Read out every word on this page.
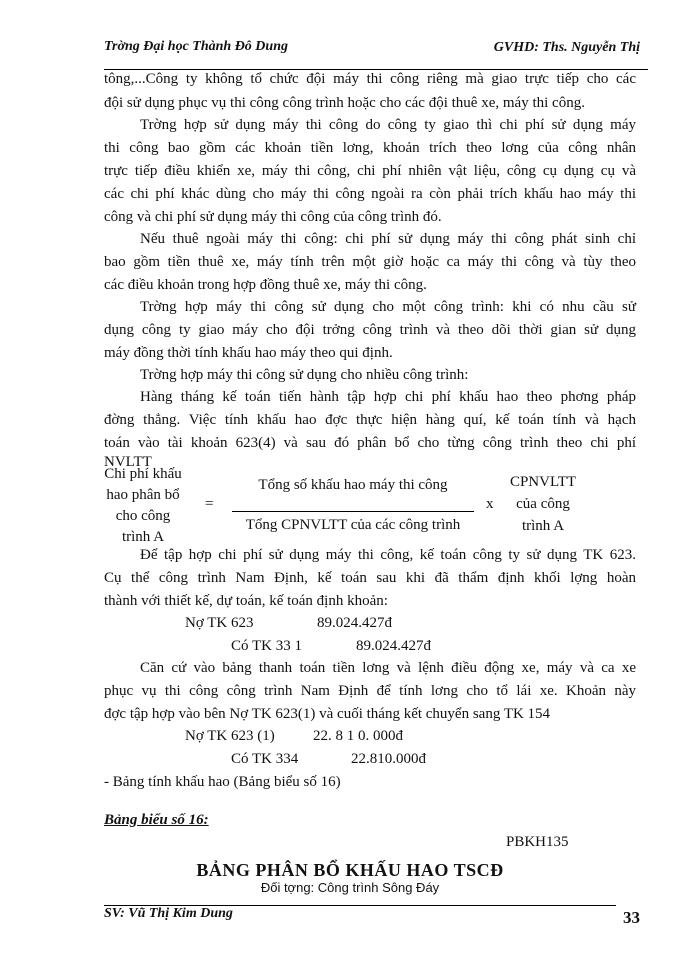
Trờng Đại học Thành Đô Dung	GVHD: Ths. Nguyễn Thị
tông,...Công ty không tổ chức đội máy thi công riêng mà giao trực tiếp cho các
đội sử dụng phục vụ thi công công trình hoặc cho các đội thuê xe, máy thi công.
Trờng hợp sử dụng máy thi công do công ty giao thì chi phí sử dụng máy
thi công bao gồm các khoản tiền lơng, khoản trích theo lơng của công nhân
trực tiếp điều khiển xe, máy thi công, chi phí nhiên vật liệu, công cụ dụng cụ và
các chi phí khác dùng cho máy thi công ngoài ra còn phải trích khấu hao máy thi
công và chi phí sử dụng máy thi công của công trình đó.
Nếu thuê ngoài máy thi công: chi phí sử dụng máy thi công phát sinh chỉ
bao gồm tiền thuê xe, máy tính trên một giờ hoặc ca máy thi công và tùy theo
các điều khoản trong hợp đồng thuê xe, máy thi công.
Trờng hợp máy thi công sử dụng cho một công trình: khi có nhu cầu sử
dụng công ty giao máy cho đội trởng công trình và theo dõi thời gian sử dụng
máy đồng thời tính khấu hao máy theo qui định.
Trờng hợp máy thi công sử dụng cho nhiều công trình:
Hàng tháng kế toán tiến hành tập hợp chi phí khấu hao theo phơng pháp
đờng thẳng. Việc tính khấu hao đợc thực hiện hàng quí, kế toán tính và hạch
toán vào tài khoản 623(4) và sau đó phân bổ cho từng công trình theo chi phí
NVLTT
Chi phí khấu
hao phân bổ
cho công
trình A
=
Tổng số khấu hao máy thi công
Tổng CPNVLTT của các công trình
x
CPNVLTT
của công
trình A
Để tập hợp chi phí sử dụng máy thi công, kế toán công ty sử dụng TK 623.
Cụ thể công trình Nam Định, kế toán sau khi đã thẩm định khối lợng hoàn
thành với thiết kế, dự toán, kế toán định khoản:
Nợ TK 623	89.024.427đ
Có TK 33 1	89.024.427đ
Căn cứ vào bảng thanh toán tiền lơng và lệnh điều động xe, máy và ca xe
phục vụ thi công công trình Nam Định để tính lơng cho tổ lái xe. Khoản này
đợc tập hợp vào bên Nợ TK 623(1) và cuối tháng kết chuyển sang TK 154
Nợ TK 623 (1)	22. 8 1 0. 000đ
Có TK 334	22.810.000đ
- Bảng tính khấu hao (Bảng biểu số 16)
Bảng biểu số 16:
PBKH135
BẢNG PHÂN BỔ KHẤU HAO TSCĐ
Đối tợng: Công trình Sông Đáy
SV: Vũ Thị Kim Dung	33
